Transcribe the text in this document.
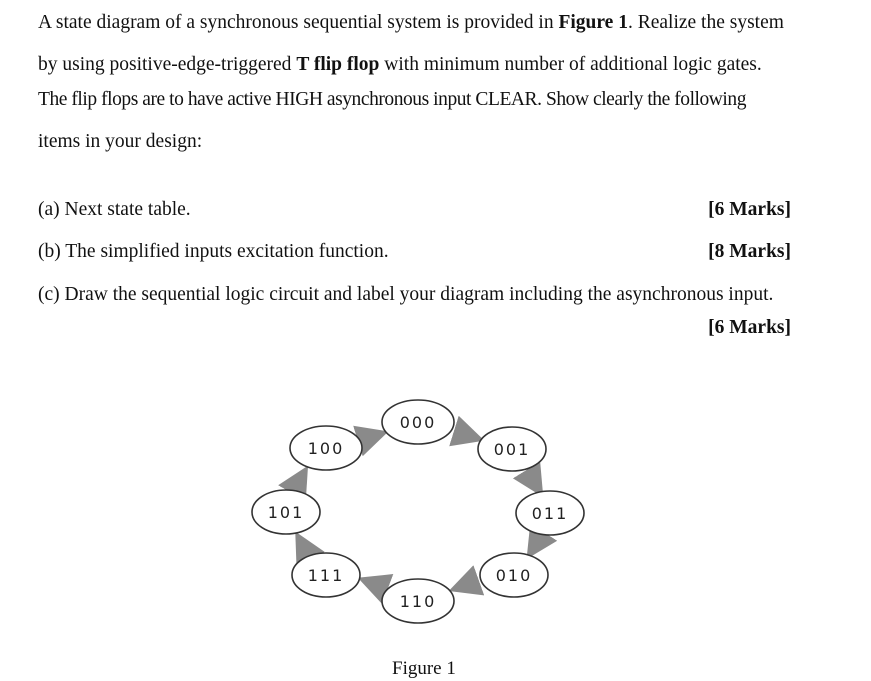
A state diagram of a synchronous sequential system is provided in Figure 1. Realize the system
by using positive-edge-triggered T flip flop with minimum number of additional logic gates.
The flip flops are to have active HIGH asynchronous input CLEAR. Show clearly the following
items in your design:
(a) Next state table.	[6 Marks]
(b) The simplified inputs excitation function.	[8 Marks]
(c) Draw the sequential logic circuit and label your diagram including the asynchronous input.
[6 Marks]
000
001
011
010
110
111
101
100
Figure 1
